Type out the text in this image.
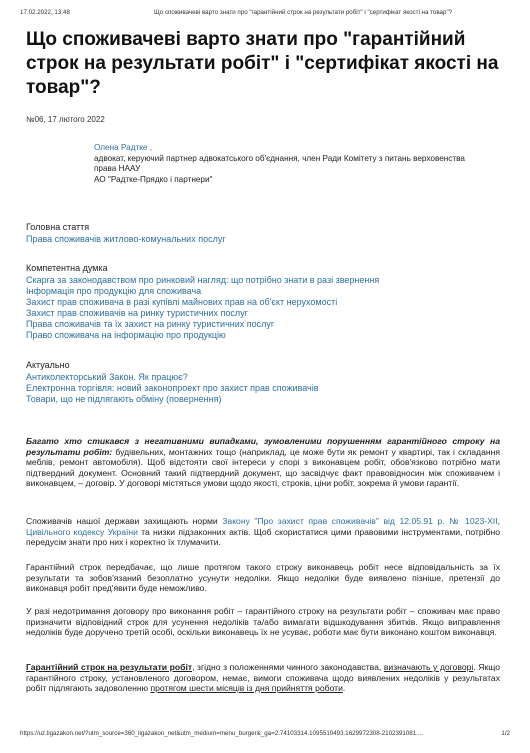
17.02.2022, 13:48	Що споживачеві варто знати про "гарантійний строк на результати робіт" і "сертифікат якості на товар"?
Що споживачеві варто знати про "гарантійний строк на результати робіт" і "сертифікат якості на товар"?
№06, 17 лютого 2022
Олена Радтке ,
адвокат, керуючий партнер адвокатського об'єднання, член Ради Комітету з питань верховенства права НААУ
АО "Радтке-Прядко і партнери"
Головна стаття
Права споживачів житлово-комунальних послуг
Компетентна думка
Скарга за законодавством про ринковий нагляд: що потрібно знати в разі звернення
Інформація про продукцію для споживача
Захист прав споживача в разі купівлі майнових прав на об'єкт нерухомості
Захист прав споживачів на ринку туристичних послуг
Права споживачів та їх захист на ринку туристичних послуг
Право споживача на інформацію про продукцію
Актуально
Антиколекторський Закон. Як працює?
Електронна торгівля: новий законопроект про захист прав споживачів
Товари, що не підлягають обміну (повернення)

Багато хто стикався з негативними випадками, зумовленими порушенням гарантійного строку на результати робіт: будівельних, монтажних тощо (наприклад, це може бути як ремонт у квартирі, так і складання меблів, ремонт автомобіля). Щоб відстояти свої інтереси у спорі з виконавцем робіт, обов'язково потрібно мати підтвердний документ. Основний такий підтвердний документ, що засвідчує факт правовідносин між споживачем і виконавцем, – договір. У договорі містяться умови щодо якості, строків, ціни робіт, зокрема й умови гарантії.

Споживачів нашої держави захищають норми Закону "Про захист прав споживачів" від 12.05.91 р. № 1023-XII, Цивільного кодексу України та низки підзаконних актів. Щоб скористатися цими правовими інструментами, потрібно передусім знати про них і коректно їх тлумачити.

Гарантійний строк передбачає, що лише протягом такого строку виконавець робіт несе відповідальність за їх результати та зобов'язаний безоплатно усунути недоліки. Якщо недоліки буде виявлено пізніше, претензії до виконавця робіт пред'явити буде неможливо.

У разі недотримання договору про виконання робіт – гарантійного строку на результати робіт – споживач має право призначити відповідний строк для усунення недоліків та/або вимагати відшкодування збитків. Якщо виправлення недоліків буде доручено третій особі, оскільки виконавець їх не усуває, роботи має бути виконано коштом виконавця.

Гарантійний строк на результати робіт, згідно з положеннями чинного законодавства, визначають у договорі. Якщо гарантійного строку, установленого договором, немає, вимоги споживача щодо виявлених недоліків у результатах робіт підлягають задоволенню протягом шести місяців із дня прийняття роботи.

https://uz.ligazakon.net/?utm_source=360_ligazakon_net&utm_medium=menu_burger&_ga=2.74103314.1095510493.1629972308-2102391081....	1/2
